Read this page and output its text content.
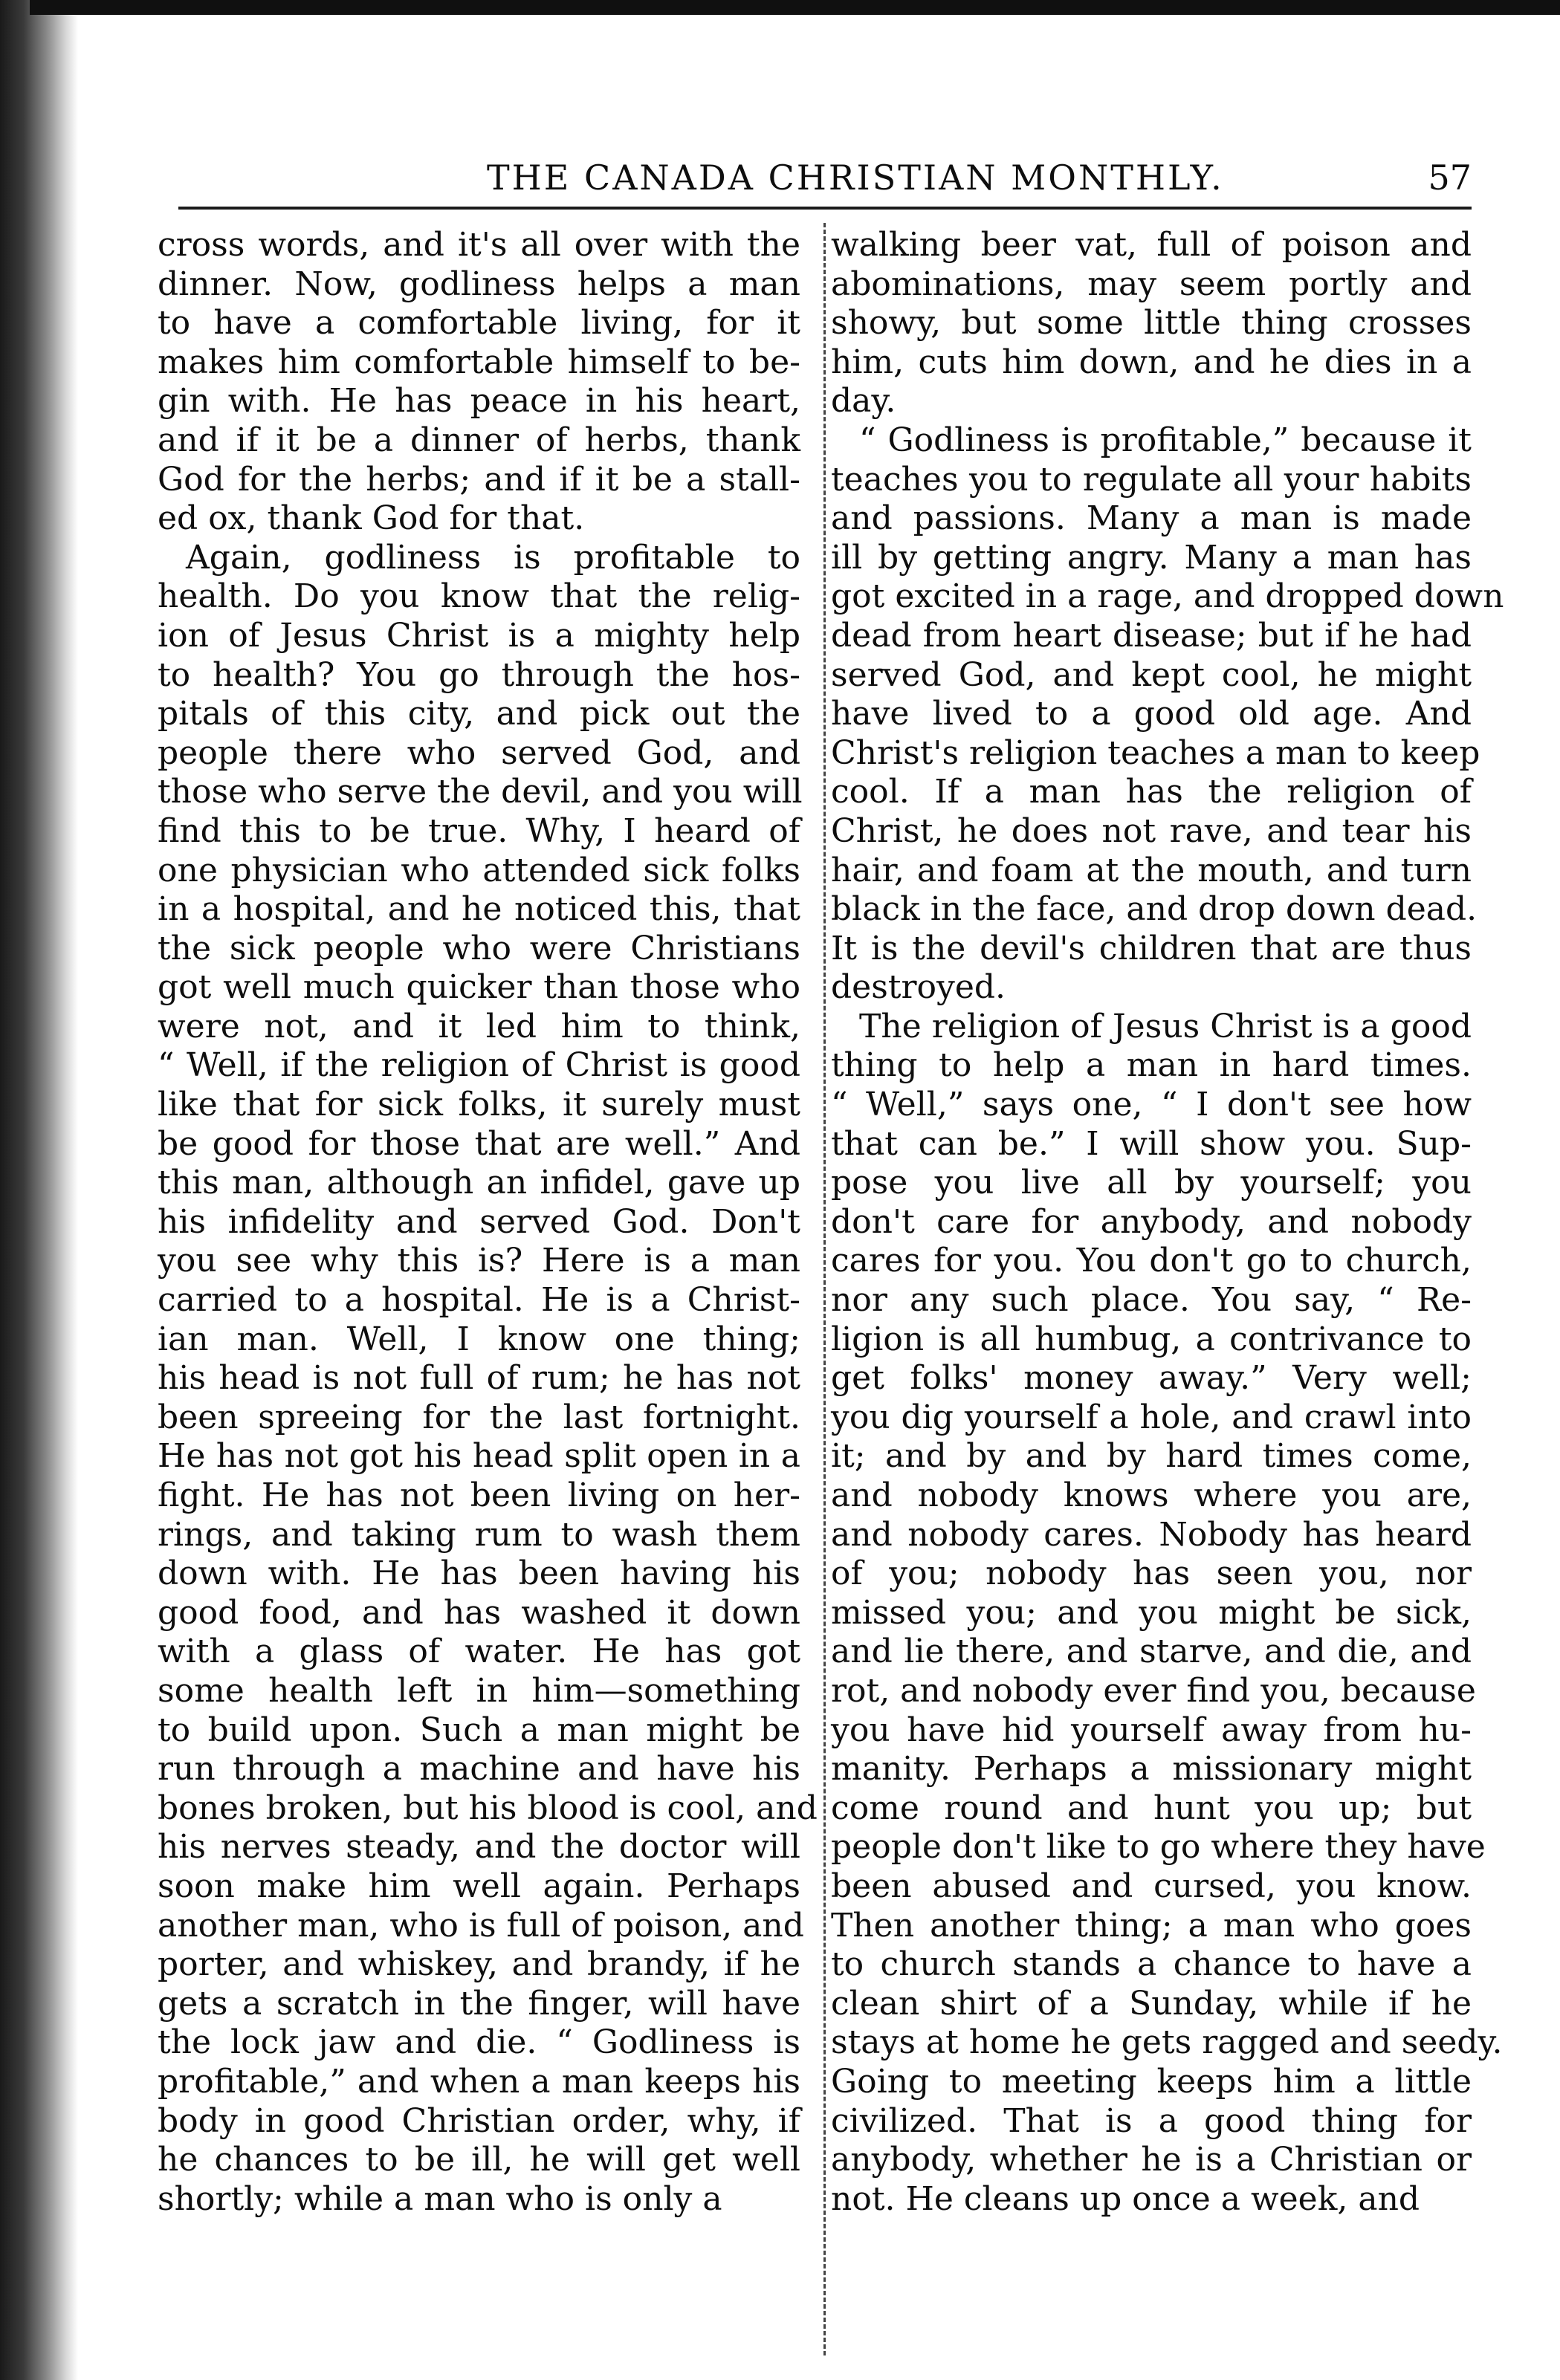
THE CANADA CHRISTIAN MONTHLY.	57
cross words, and it's all over with the
dinner. Now, godliness helps a man
to have a comfortable living, for it
makes him comfortable himself to be-
gin with. He has peace in his heart,
and if it be a dinner of herbs, thank
God for the herbs; and if it be a stall-
ed ox, thank God for that.
Again, godliness is profitable to
health. Do you know that the relig-
ion of Jesus Christ is a mighty help
to health? You go through the hos-
pitals of this city, and pick out the
people there who served God, and
those who serve the devil, and you will
find this to be true. Why, I heard of
one physician who attended sick folks
in a hospital, and he noticed this, that
the sick people who were Christians
got well much quicker than those who
were not, and it led him to think,
“ Well, if the religion of Christ is good
like that for sick folks, it surely must
be good for those that are well.” And
this man, although an infidel, gave up
his infidelity and served God. Don't
you see why this is? Here is a man
carried to a hospital. He is a Christ-
ian man. Well, I know one thing;
his head is not full of rum; he has not
been spreeing for the last fortnight.
He has not got his head split open in a
fight. He has not been living on her-
rings, and taking rum to wash them
down with. He has been having his
good food, and has washed it down
with a glass of water. He has got
some health left in him—something
to build upon. Such a man might be
run through a machine and have his
bones broken, but his blood is cool, and
his nerves steady, and the doctor will
soon make him well again. Perhaps
another man, who is full of poison, and
porter, and whiskey, and brandy, if he
gets a scratch in the finger, will have
the lock jaw and die. “ Godliness is
profitable,” and when a man keeps his
body in good Christian order, why, if
he chances to be ill, he will get well
shortly; while a man who is only a
walking beer vat, full of poison and
abominations, may seem portly and
showy, but some little thing crosses
him, cuts him down, and he dies in a
day.
“ Godliness is profitable,” because it
teaches you to regulate all your habits
and passions. Many a man is made
ill by getting angry. Many a man has
got excited in a rage, and dropped down
dead from heart disease; but if he had
served God, and kept cool, he might
have lived to a good old age. And
Christ's religion teaches a man to keep
cool. If a man has the religion of
Christ, he does not rave, and tear his
hair, and foam at the mouth, and turn
black in the face, and drop down dead.
It is the devil's children that are thus
destroyed.
The religion of Jesus Christ is a good
thing to help a man in hard times.
“ Well,” says one, “ I don't see how
that can be.” I will show you. Sup-
pose you live all by yourself; you
don't care for anybody, and nobody
cares for you. You don't go to church,
nor any such place. You say, “ Re-
ligion is all humbug, a contrivance to
get folks' money away.” Very well;
you dig yourself a hole, and crawl into
it; and by and by hard times come,
and nobody knows where you are,
and nobody cares. Nobody has heard
of you; nobody has seen you, nor
missed you; and you might be sick,
and lie there, and starve, and die, and
rot, and nobody ever find you, because
you have hid yourself away from hu-
manity. Perhaps a missionary might
come round and hunt you up; but
people don't like to go where they have
been abused and cursed, you know.
Then another thing; a man who goes
to church stands a chance to have a
clean shirt of a Sunday, while if he
stays at home he gets ragged and seedy.
Going to meeting keeps him a little
civilized. That is a good thing for
anybody, whether he is a Christian or
not. He cleans up once a week, and
